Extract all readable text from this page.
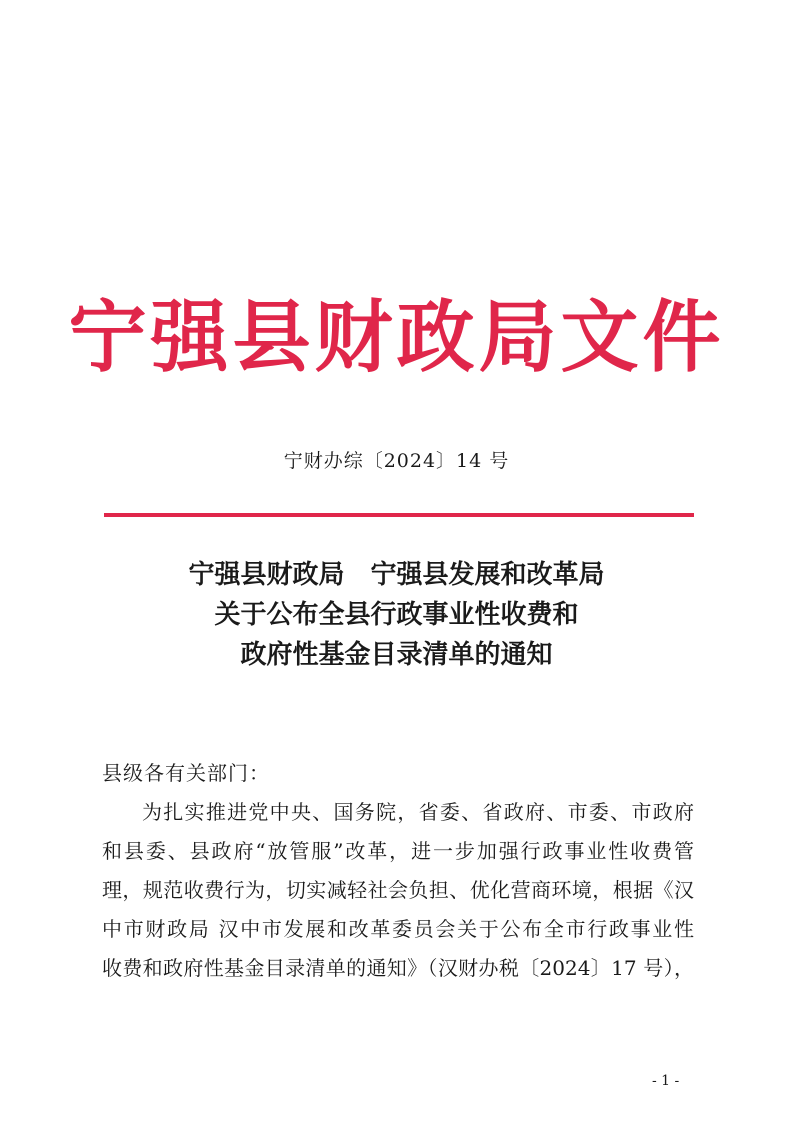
宁强县财政局文件
宁财办综〔2024〕14 号
宁强县财政局　宁强县发展和改革局
关于公布全县行政事业性收费和
政府性基金目录清单的通知
县级各有关部门：
为扎实推进党中央、国务院，省委、省政府、市委、市政府
和县委、县政府“放管服”改革，进一步加强行政事业性收费管
理，规范收费行为，切实减轻社会负担、优化营商环境，根据《汉
中市财政局 汉中市发展和改革委员会关于公布全市行政事业性
收费和政府性基金目录清单的通知》（汉财办税〔2024〕17 号），
- 1 -
